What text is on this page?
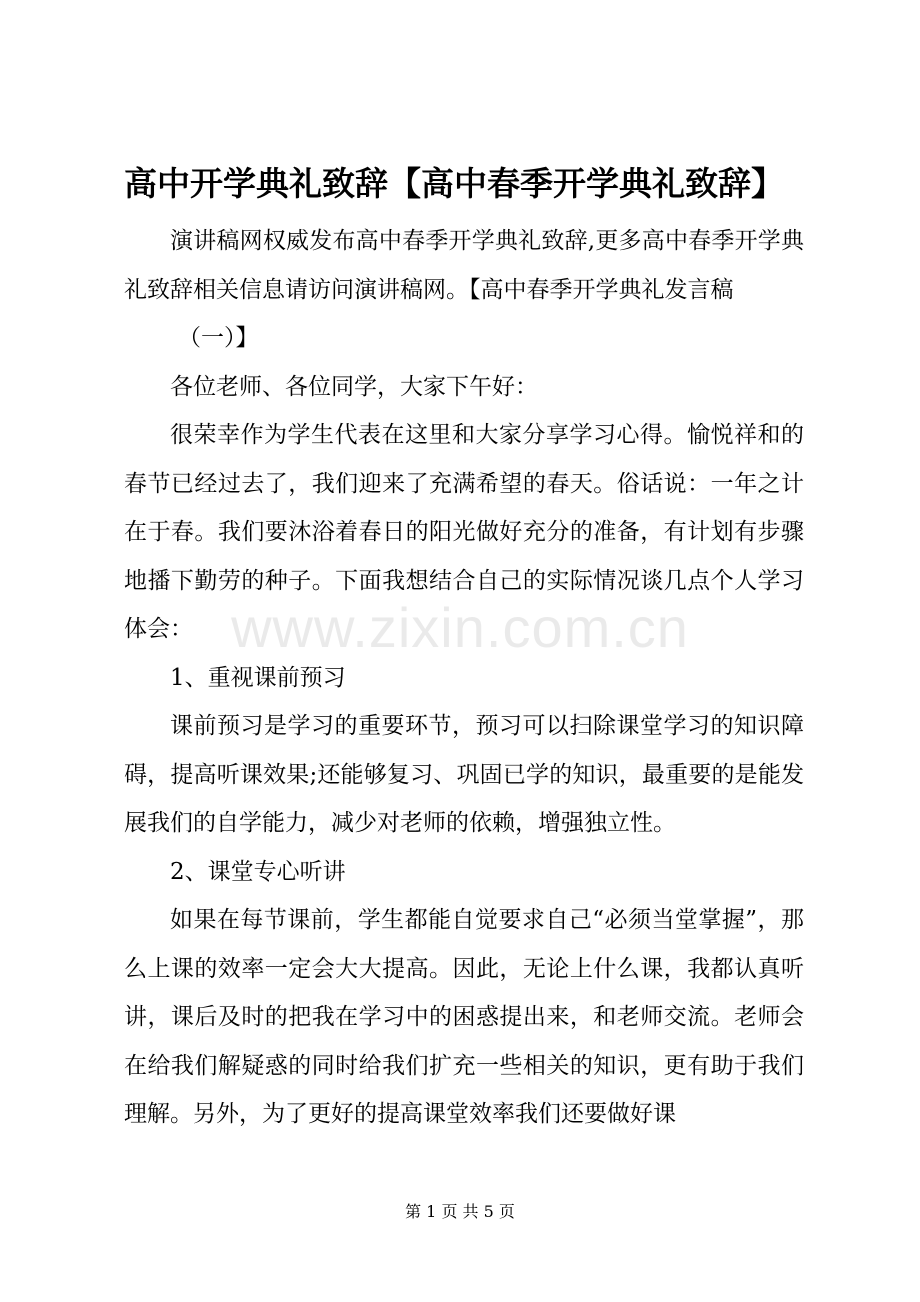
高中开学典礼致辞【高中春季开学典礼致辞】

演讲稿网权威发布高中春季开学典礼致辞,更多高中春季开学典礼致辞相关信息请访问演讲稿网。【高中春季开学典礼发言稿

（一）】

各位老师、各位同学，大家下午好：

很荣幸作为学生代表在这里和大家分享学习心得。愉悦祥和的春节已经过去了，我们迎来了充满希望的春天。俗话说：一年之计在于春。我们要沐浴着春日的阳光做好充分的准备，有计划有步骤地播下勤劳的种子。下面我想结合自己的实际情况谈几点个人学习体会：

1、重视课前预习

课前预习是学习的重要环节，预习可以扫除课堂学习的知识障碍，提高听课效果;还能够复习、巩固已学的知识，最重要的是能发展我们的自学能力，减少对老师的依赖，增强独立性。

2、课堂专心听讲

如果在每节课前，学生都能自觉要求自己“必须当堂掌握”，那么上课的效率一定会大大提高。因此，无论上什么课，我都认真听讲，课后及时的把我在学习中的困惑提出来，和老师交流。老师会在给我们解疑惑的同时给我们扩充一些相关的知识，更有助于我们理解。另外，为了更好的提高课堂效率我们还要做好课

www.zixin.com.cn
第 1 页 共 5 页
